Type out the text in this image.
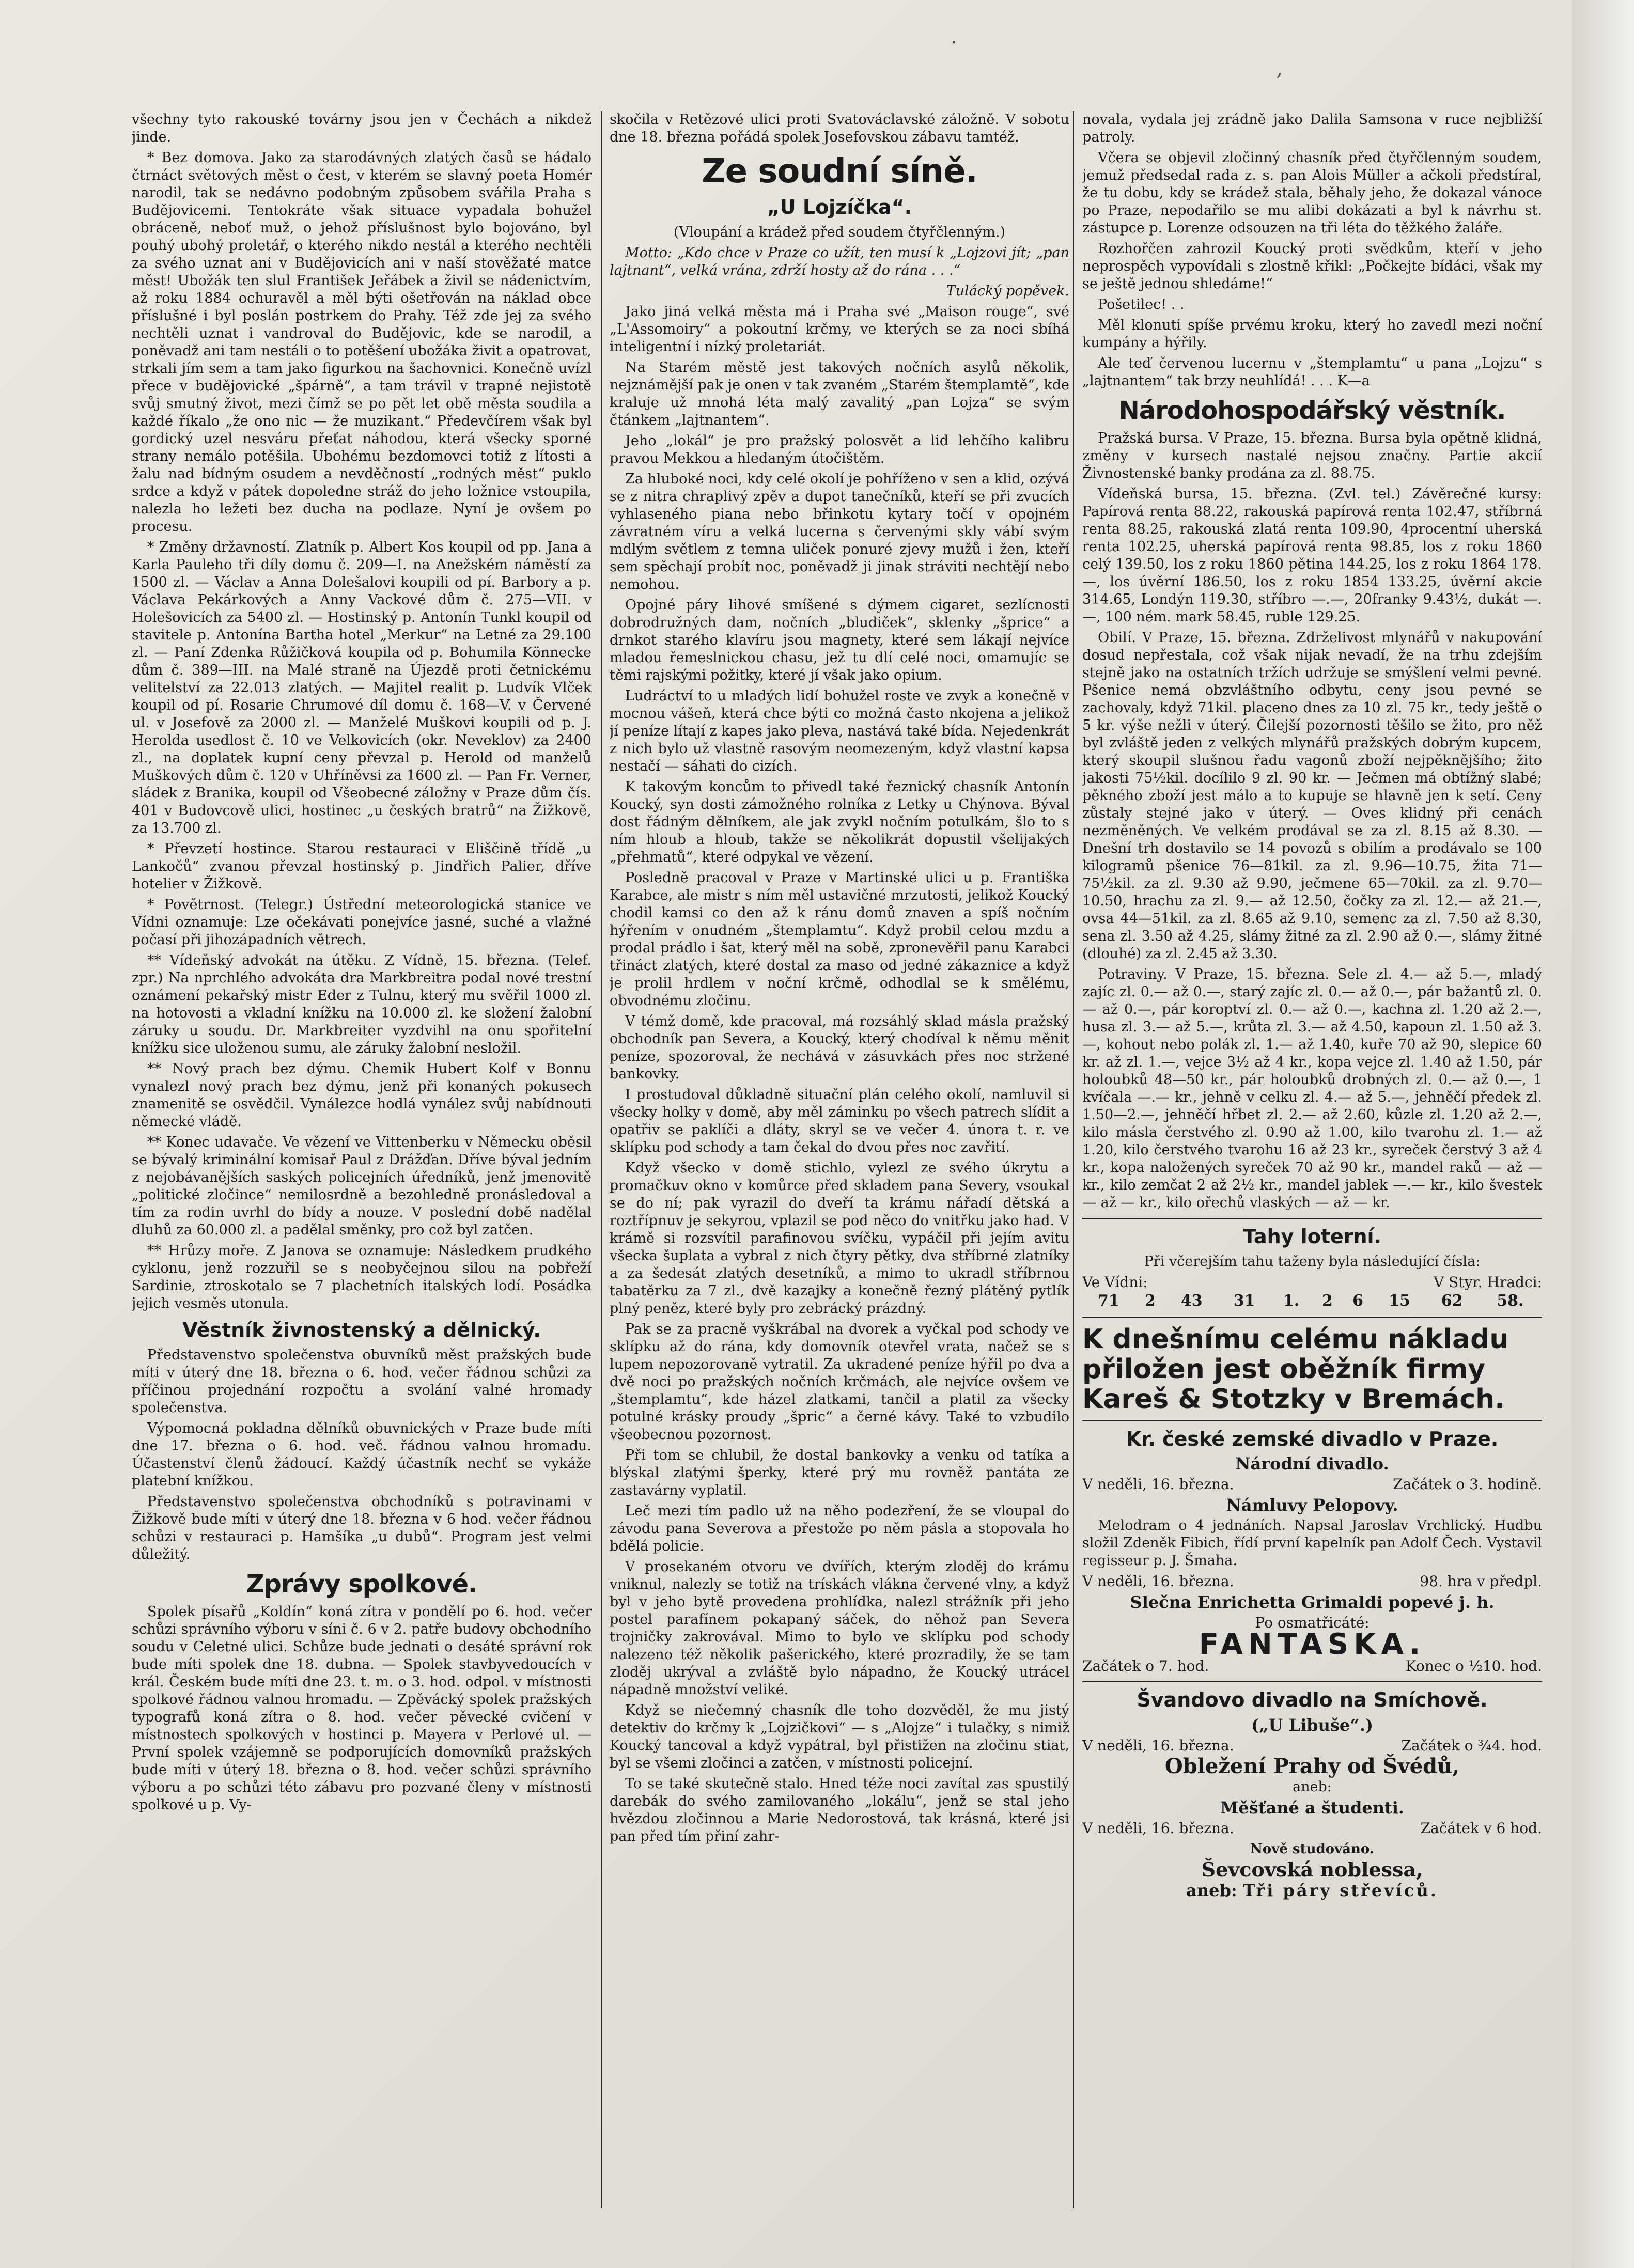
·
‚

všechny tyto rakouské továrny jsou jen v Čechách a nikdež jinde.

* Bez domova. Jako za starodávných zlatých časů se hádalo čtrnáct světových měst o čest, v kterém se slavný poeta Homér narodil, tak se nedávno podobným způsobem svářila Praha s Budějovicemi. Tentokráte však situace vypadala bohužel obráceně, neboť muž, o jehož příslušnost bylo bojováno, byl pouhý ubohý proletář, o kterého nikdo nestál a kterého nechtěli za svého uznat ani v Budějovicích ani v naší stověžaté matce měst! Ubožák ten slul František Jeřábek a živil se nádenictvím, až roku 1884 ochuravěl a měl býti ošetřován na náklad obce příslušné i byl poslán postrkem do Prahy. Též zde jej za svého nechtěli uznat i vandroval do Budějovic, kde se narodil, a poněvadž ani tam nestáli o to potěšení ubožáka živit a opatrovat, strkali jím sem a tam jako figurkou na šachovnici. Konečně uvízl přece v budějovické „špárně“, a tam trávil v trapné nejistotě svůj smutný život, mezi čímž se po pět let obě města soudila a každé říkalo „že ono nic — že muzikant.“ Předevčírem však byl gordický uzel nesváru přeťat náhodou, která všecky sporné strany nemálo potěšila. Ubohému bezdomovci totiž z lítosti a žalu nad bídným osudem a nevděčností „rodných měst“ puklo srdce a když v pátek dopoledne stráž do jeho ložnice vstoupila, nalezla ho ležeti bez ducha na podlaze. Nyní je ovšem po procesu.

* Změny državností. Zlatník p. Albert Kos koupil od pp. Jana a Karla Pauleho tři díly domu č. 209—I. na Anežském náměstí za 1500 zl. — Václav a Anna Dolešalovi koupili od pí. Barbory a p. Václava Pekárkových a Anny Vackové dům č. 275—VII. v Holešovicích za 5400 zl. — Hostinský p. Antonín Tunkl koupil od stavitele p. Antonína Bartha hotel „Merkur“ na Letné za 29.100 zl. — Paní Zdenka Růžičková koupila od p. Bohumila Könnecke dům č. 389—III. na Malé straně na Újezdě proti četnickému velitelství za 22.013 zlatých. — Majitel realit p. Ludvík Vlček koupil od pí. Rosarie Chrumové díl domu č. 168—V. v Červené ul. v Josefově za 2000 zl. — Manželé Muškovi koupili od p. J. Herolda usedlost č. 10 ve Velkovicích (okr. Neveklov) za 2400 zl., na doplatek kupní ceny převzal p. Herold od manželů Muškových dům č. 120 v Uhříněvsi za 1600 zl. — Pan Fr. Verner, sládek z Branika, koupil od Všeobecné záložny v Praze dům čís. 401 v Budovcově ulici, hostinec „u českých bratrů“ na Žižkově, za 13.700 zl.

* Převzetí hostince. Starou restauraci v Eliščině třídě „u Lankočů“ zvanou převzal hostinský p. Jindřich Palier, dříve hotelier v Žižkově.

* Povětrnost. (Telegr.) Ústřední meteorologická stanice ve Vídni oznamuje: Lze očekávati ponejvíce jasné, suché a vlažné počasí při jihozápadních větrech.

** Vídeňský advokát na útěku. Z Vídně, 15. března. (Telef. zpr.) Na nprchlého advokáta dra Markbreitra podal nové trestní oznámení pekařský mistr Eder z Tulnu, který mu svěřil 1000 zl. na hotovosti a vkladní knížku na 10.000 zl. ke složení žalobní záruky u soudu. Dr. Markbreiter vyzdvihl na onu spořitelní knížku sice uloženou sumu, ale záruky žalobní nesložil.

** Nový prach bez dýmu. Chemik Hubert Kolf v Bonnu vynalezl nový prach bez dýmu, jenž při konaných pokusech znamenitě se osvědčil. Vynálezce hodlá vynález svůj nabídnouti německé vládě.

** Konec udavače. Ve vězení ve Vittenberku v Německu oběsil se bývalý kriminální komisař Paul z Drážďan. Dříve býval jedním z nejobávanějších saských policejních úředníků, jenž jmenovitě „politické zločince“ nemilosrdně a bezohledně pronásledoval a tím za rodin uvrhl do bídy a nouze. V poslední době nadělal dluhů za 60.000 zl. a padělal směnky, pro což byl zatčen.

** Hrůzy moře. Z Janova se oznamuje: Následkem prudkého cyklonu, jenž rozzuřil se s neobyčejnou silou na pobřeží Sardinie, ztroskotalo se 7 plachetních italských lodí. Posádka jejich vesměs utonula.

Věstník živnostenský a dělnický.

Představenstvo společenstva obuvníků měst pražských bude míti v úterý dne 18. března o 6. hod. večer řádnou schůzi za příčinou projednání rozpočtu a svolání valné hromady společenstva.

Výpomocná pokladna dělníků obuvnických v Praze bude míti dne 17. března o 6. hod. več. řádnou valnou hromadu. Účastenství členů žádoucí. Každý účastník nechť se vykáže platební knížkou.

Představenstvo společenstva obchodníků s potravinami v Žižkově bude míti v úterý dne 18. března v 6 hod. večer řádnou schůzi v restauraci p. Hamšíka „u dubů“. Program jest velmi důležitý.

Zprávy spolkové.

Spolek písařů „Koldín“ koná zítra v pondělí po 6. hod. večer schůzi správního výboru v síni č. 6 v 2. patře budovy obchodního soudu v Celetné ulici. Schůze bude jednati o desáté správní rok bude míti spolek dne 18. dubna. — Spolek stavbyvedoucích v král. Českém bude míti dne 23. t. m. o 3. hod. odpol. v místnosti spolkové řádnou valnou hromadu. — Zpěvácký spolek pražských typografů koná zítra o 8. hod. večer pěvecké cvičení v místnostech spolkových v hostinci p. Mayera v Perlové ul. — První spolek vzájemně se podporujících domovníků pražských bude míti v úterý 18. března o 8. hod. večer schůzi správního výboru a po schůzi této zábavu pro pozvané členy v místnosti spolkové u p. Vy-

skočila v Retězové ulici proti Svatováclavské záložně. V sobotu dne 18. března pořádá spolek Josefovskou zábavu tamtéž.

Ze soudní síně.
„U Lojzíčka“.

(Vloupání a krádež před soudem čtyřčlenným.)

Motto: „Kdo chce v Praze co užít, ten musí k „Lojzovi jít; „pan lajtnant“, velká vrána, zdrží hosty až do rána . . .“

Tulácký popěvek.

Jako jiná velká města má i Praha své „Maison rouge“, své „L'Assomoiry“ a pokoutní krčmy, ve kterých se za noci sbíhá inteligentní i nízký proletariát.

Na Starém městě jest takových nočních asylů několik, nejznámější pak je onen v tak zvaném „Starém štemplamtě“, kde kraluje už mnohá léta malý zavalitý „pan Lojza“ se svým čtánkem „lajtnantem“.

Jeho „lokál“ je pro pražský polosvět a lid lehčího kalibru pravou Mekkou a hledaným útočištěm.

Za hluboké noci, kdy celé okolí je pohříženo v sen a klid, ozývá se z nitra chraplivý zpěv a dupot tanečníků, kteří se při zvucích vyhlaseného piana nebo břinkotu kytary točí v opojném závratném víru a velká lucerna s červenými skly vábí svým mdlým světlem z temna uliček ponuré zjevy mužů i žen, kteří sem spěchají probít noc, poněvadž ji jinak stráviti nechtějí nebo nemohou.

Opojné páry lihové smíšené s dýmem cigaret, sezlícnosti dobrodružných dam, nočních „bludiček“, sklenky „šprice“ a drnkot starého klavíru jsou magnety, které sem lákají nejvíce mladou řemeslnickou chasu, jež tu dlí celé noci, omamujíc se těmi rajskými požitky, které jí však jako opium.

Ludráctví to u mladých lidí bohužel roste ve zvyk a konečně v mocnou vášeň, která chce býti co možná často nkojena a jelikož jí peníze lítají z kapes jako pleva, nastává také bída. Nejedenkrát z nich bylo už vlastně rasovým neomezeným, když vlastní kapsa nestačí — sáhati do cizích.

K takovým koncům to přivedl také řeznický chasník Antonín Koucký, syn dosti zámožného rolníka z Letky u Chýnova. Býval dost řádným dělníkem, ale jak zvykl nočním potulkám, šlo to s ním hloub a hloub, takže se několikrát dopustil všelijakých „přehmatů“, které odpykal ve vězení.

Posledně pracoval v Praze v Martinské ulici u p. Františka Karabce, ale mistr s ním měl ustavičné mrzutosti, jelikož Koucký chodil kamsi co den až k ránu domů znaven a spíš nočním hýřením v onudném „štemplamtu“. Když probil celou mzdu a prodal prádlo i šat, který měl na sobě, zpronevěřil panu Karabci třináct zlatých, které dostal za maso od jedné zákaznice a když je prolil hrdlem v noční krčmě, odhodlal se k smělému, obvodnému zločinu.

V témž domě, kde pracoval, má rozsáhlý sklad másla pražský obchodník pan Severa, a Koucký, který chodíval k němu měnit peníze, spozoroval, že nechává v zásuvkách přes noc stržené bankovky.

I prostudoval důkladně situační plán celého okolí, namluvil si všecky holky v domě, aby měl záminku po všech patrech slídit a opatřiv se paklíči a dláty, skryl se ve večer 4. února t. r. ve sklípku pod schody a tam čekal do dvou přes noc zavřití.

Když všecko v domě stichlo, vylezl ze svého úkrytu a promačkuv okno v komůrce před skladem pana Severy, vsoukal se do ní; pak vyrazil do dveří ta krámu nářadí dětská a roztřípnuv je sekyrou, vplazil se pod něco do vnitřku jako had. V krámě si rozsvítil parafinovou svíčku, vypáčil při jejím avitu všecka šuplata a vybral z nich čtyry pětky, dva stříbrné zlatníky a za šedesát zlatých desetníků, a mimo to ukradl stříbrnou tabatěrku za 7 zl., dvě kazajky a konečně řezný plátěný pytlík plný peněz, které byly pro zebrácký prázdný.

Pak se za pracně vyškrábal na dvorek a vyčkal pod schody ve sklípku až do rána, kdy domovník otevřel vrata, načež se s lupem nepozorovaně vytratil. Za ukradené peníze hýřil po dva a dvě noci po pražských nočních krčmách, ale nejvíce ovšem ve „štemplamtu“, kde házel zlatkami, tančil a platil za všecky potulné krásky proudy „špric“ a černé kávy. Také to vzbudilo všeobecnou pozornost.

Při tom se chlubil, že dostal bankovky a venku od tatíka a blýskal zlatými šperky, které prý mu rovněž pantáta ze zastavárny vyplatil.

Leč mezi tím padlo už na něho podezření, že se vloupal do závodu pana Severova a přestože po něm pásla a stopovala ho bdělá policie.

V prosekaném otvoru ve dvířích, kterým zloděj do krámu vniknul, nalezly se totiž na trískách vlákna červené vlny, a když byl v jeho bytě provedena prohlídka, nalezl strážník při jeho postel parafínem pokapaný sáček, do něhož pan Severa trojničky zakrovával. Mimo to bylo ve sklípku pod schody nalezeno též několik pašerického, které prozradily, že se tam zloděj ukrýval a zvláště bylo nápadno, že Koucký utrácel nápadně množství veliké.

Když se niečemný chasník dle toho dozvěděl, že mu jistý detektiv do krčmy k „Lojzičkovi“ — s „Alojze“ i tulačky, s nimiž Koucký tancoval a když vypátral, byl přistižen na zločinu stiat, byl se všemi zločinci a zatčen, v místnosti policejní.

To se také skutečně stalo. Hned téže noci zavítal zas spustilý darebák do svého zamilovaného „lokálu“, jenž se stal jeho hvězdou zločinnou a Marie Nedorostová, tak krásná, které jsi pan před tím přiní zahr-

novala, vydala jej zrádně jako Dalila Samsona v ruce nejbližší patroly.

Včera se objevil zločinný chasník před čtyřčlenným soudem, jemuž předsedal rada z. s. pan Alois Müller a ačkoli předstíral, že tu dobu, kdy se krádež stala, běhaly jeho, že dokazal vánoce po Praze, nepodařilo se mu alibi dokázati a byl k návrhu st. zástupce p. Lorenze odsouzen na tři léta do těžkého žaláře.

Rozhořčen zahrozil Koucký proti svědkům, kteří v jeho neprospěch vypovídali s zlostně křikl: „Počkejte bídáci, však my se ještě jednou shledáme!“

Pošetilec! . .

Měl klonuti spíše prvému kroku, který ho zavedl mezi noční kumpány a hýřily.

Ale teď červenou lucernu v „štemplamtu“ u pana „Lojzu“ s „lajtnantem“ tak brzy neuhlídá! . . . K—a

Národohospodářský věstník.

Pražská bursa. V Praze, 15. března. Bursa byla opětně klidná, změny v kursech nastalé nejsou značny. Partie akcií Živnostenské banky prodána za zl. 88.75.

Vídeňská bursa, 15. března. (Zvl. tel.) Závěrečné kursy: Papírová renta 88.22, rakouská papírová renta 102.47, stříbrná renta 88.25, rakouská zlatá renta 109.90, 4procentní uherská renta 102.25, uherská papírová renta 98.85, los z roku 1860 celý 139.50, los z roku 1860 pětina 144.25, los z roku 1864 178.—, los úvěrní 186.50, los z roku 1854 133.25, úvěrní akcie 314.65, Londýn 119.30, stříbro —.—, 20franky 9.43½, dukát —.—, 100 ném. mark 58.45, ruble 129.25.

Obilí. V Praze, 15. března. Zdrželivost mlynářů v nakupování dosud nepřestala, což však nijak nevadí, že na trhu zdejším stejně jako na ostatních tržích udržuje se smýšlení velmi pevné. Pšenice nemá obzvláštního odbytu, ceny jsou pevné se zachovaly, když 71kil. placeno dnes za 10 zl. 75 kr., tedy ještě o 5 kr. výše nežli v úterý. Čilejší pozornosti těšilo se žito, pro něž byl zvláště jeden z velkých mlynářů pražských dobrým kupcem, který skoupil slušnou řadu vagonů zboží nejpěknějšího; žito jakosti 75½kil. docílilo 9 zl. 90 kr. — Ječmen má obtížný slabé; pěkného zboží jest málo a to kupuje se hlavně jen k setí. Ceny zůstaly stejné jako v úterý. — Oves klidný při cenách nezměněných. Ve velkém prodával se za zl. 8.15 až 8.30. — Dnešní trh dostavilo se 14 povozů s obilím a prodávalo se 100 kilogramů pšenice 76—81kil. za zl. 9.96—10.75, žita 71—75½kil. za zl. 9.30 až 9.90, ječmene 65—70kil. za zl. 9.70—10.50, hrachu za zl. 9.— až 12.50, čočky za zl. 12.— až 21.—, ovsa 44—51kil. za zl. 8.65 až 9.10, semenc za zl. 7.50 až 8.30, sena zl. 3.50 až 4.25, slámy žitné za zl. 2.90 až 0.—, slámy žitné (dlouhé) za zl. 2.45 až 3.30.

Potraviny. V Praze, 15. března. Sele zl. 4.— až 5.—, mladý zajíc zl. 0.— až 0.—, starý zajíc zl. 0.— až 0.—, pár bažantů zl. 0.— až 0.—, pár koroptví zl. 0.— až 0.—, kachna zl. 1.20 až 2.—, husa zl. 3.— až 5.—, krůta zl. 3.— až 4.50, kapoun zl. 1.50 až 3.—, kohout nebo polák zl. 1.— až 1.40, kuře 70 až 90, slepice 60 kr. až zl. 1.—, vejce 3½ až 4 kr., kopa vejce zl. 1.40 až 1.50, pár holoubků 48—50 kr., pár holoubků drobných zl. 0.— až 0.—, 1 kvíčala —.— kr., jehně v celku zl. 4.— až 5.—, jehněčí předek zl. 1.50—2.—, jehněčí hřbet zl. 2.— až 2.60, kůzle zl. 1.20 až 2.—, kilo másla čerstvého zl. 0.90 až 1.00, kilo tvarohu zl. 1.— až 1.20, kilo čerstvého tvarohu 16 až 23 kr., syreček čerstvý 3 až 4 kr., kopa naložených syreček 70 až 90 kr., mandel raků — až — kr., kilo zemčat 2 až 2½ kr., mandel jablek —.— kr., kilo švestek — až — kr., kilo ořechů vlaských — až — kr.

Tahy loterní.

Při včerejším tahu taženy byla následující čísla:

Ve Vídni:	V Styr. Hradci:
71	2	43	31	1.	2	6	15	62	58.
K dnešnímu celému nákladu přiložen jest oběžník firmy Kareš & Stotzky v Bremách.
Kr. české zemské divadlo v Praze.
Národní divadlo.
V neděli, 16. března.	Začátek o 3. hodině.
Námluvy Pelopovy.

Melodram o 4 jednáních. Napsal Jaroslav Vrchlický. Hudbu složil Zdeněk Fibich, řídí první kapelník pan Adolf Čech. Vystavil regisseur p. J. Šmaha.

V neděli, 16. března.	98. hra v předpl.
Slečna Enrichetta Grimaldi popevé j. h.
Po osmatřicáté:
FANTASKA.
Začátek o 7. hod.	Konec o ½10. hod.
Švandovo divadlo na Smíchově.
(„U Libuše“.)
V neděli, 16. března.	Začátek o ¾4. hod.
Obležení Prahy od Švédů,
aneb:
Měšťané a študenti.
V neděli, 16. března.	Začátek v 6 hod.
Nově studováno.
Ševcovská noblessa,
aneb: Tři páry střevíců.
